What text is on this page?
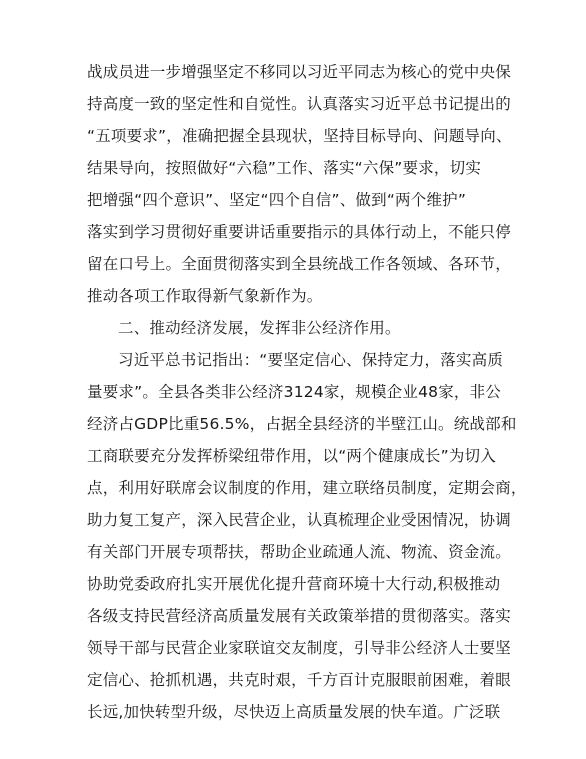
战成员进一步增强坚定不移同以习近平同志为核心的党中央保
持高度一致的坚定性和自觉性。认真落实习近平总书记提出的
“五项要求”，准确把握全县现状，坚持目标导向、问题导向、
结果导向，按照做好“六稳”工作、落实“六保”要求，切实
把增强“四个意识”、坚定“四个自信”、做到“两个维护”
落实到学习贯彻好重要讲话重要指示的具体行动上，不能只停
留在口号上。全面贯彻落实到全县统战工作各领域、各环节，
推动各项工作取得新气象新作为。
二、推动经济发展，发挥非公经济作用。
习近平总书记指出：“要坚定信心、保持定力，落实高质
量要求”。全县各类非公经济3124家，规模企业48家，非公
经济占GDP比重56.5%，占据全县经济的半壁江山。统战部和
工商联要充分发挥桥梁纽带作用，以“两个健康成长”为切入
点，利用好联席会议制度的作用，建立联络员制度，定期会商，
助力复工复产，深入民营企业，认真梳理企业受困情况，协调
有关部门开展专项帮扶，帮助企业疏通人流、物流、资金流。
协助党委政府扎实开展优化提升营商环境十大行动,积极推动
各级支持民营经济高质量发展有关政策举措的贯彻落实。落实
领导干部与民营企业家联谊交友制度，引导非公经济人士要坚
定信心、抢抓机遇，共克时艰，千方百计克服眼前困难，着眼
长远,加快转型升级，尽快迈上高质量发展的快车道。广泛联
